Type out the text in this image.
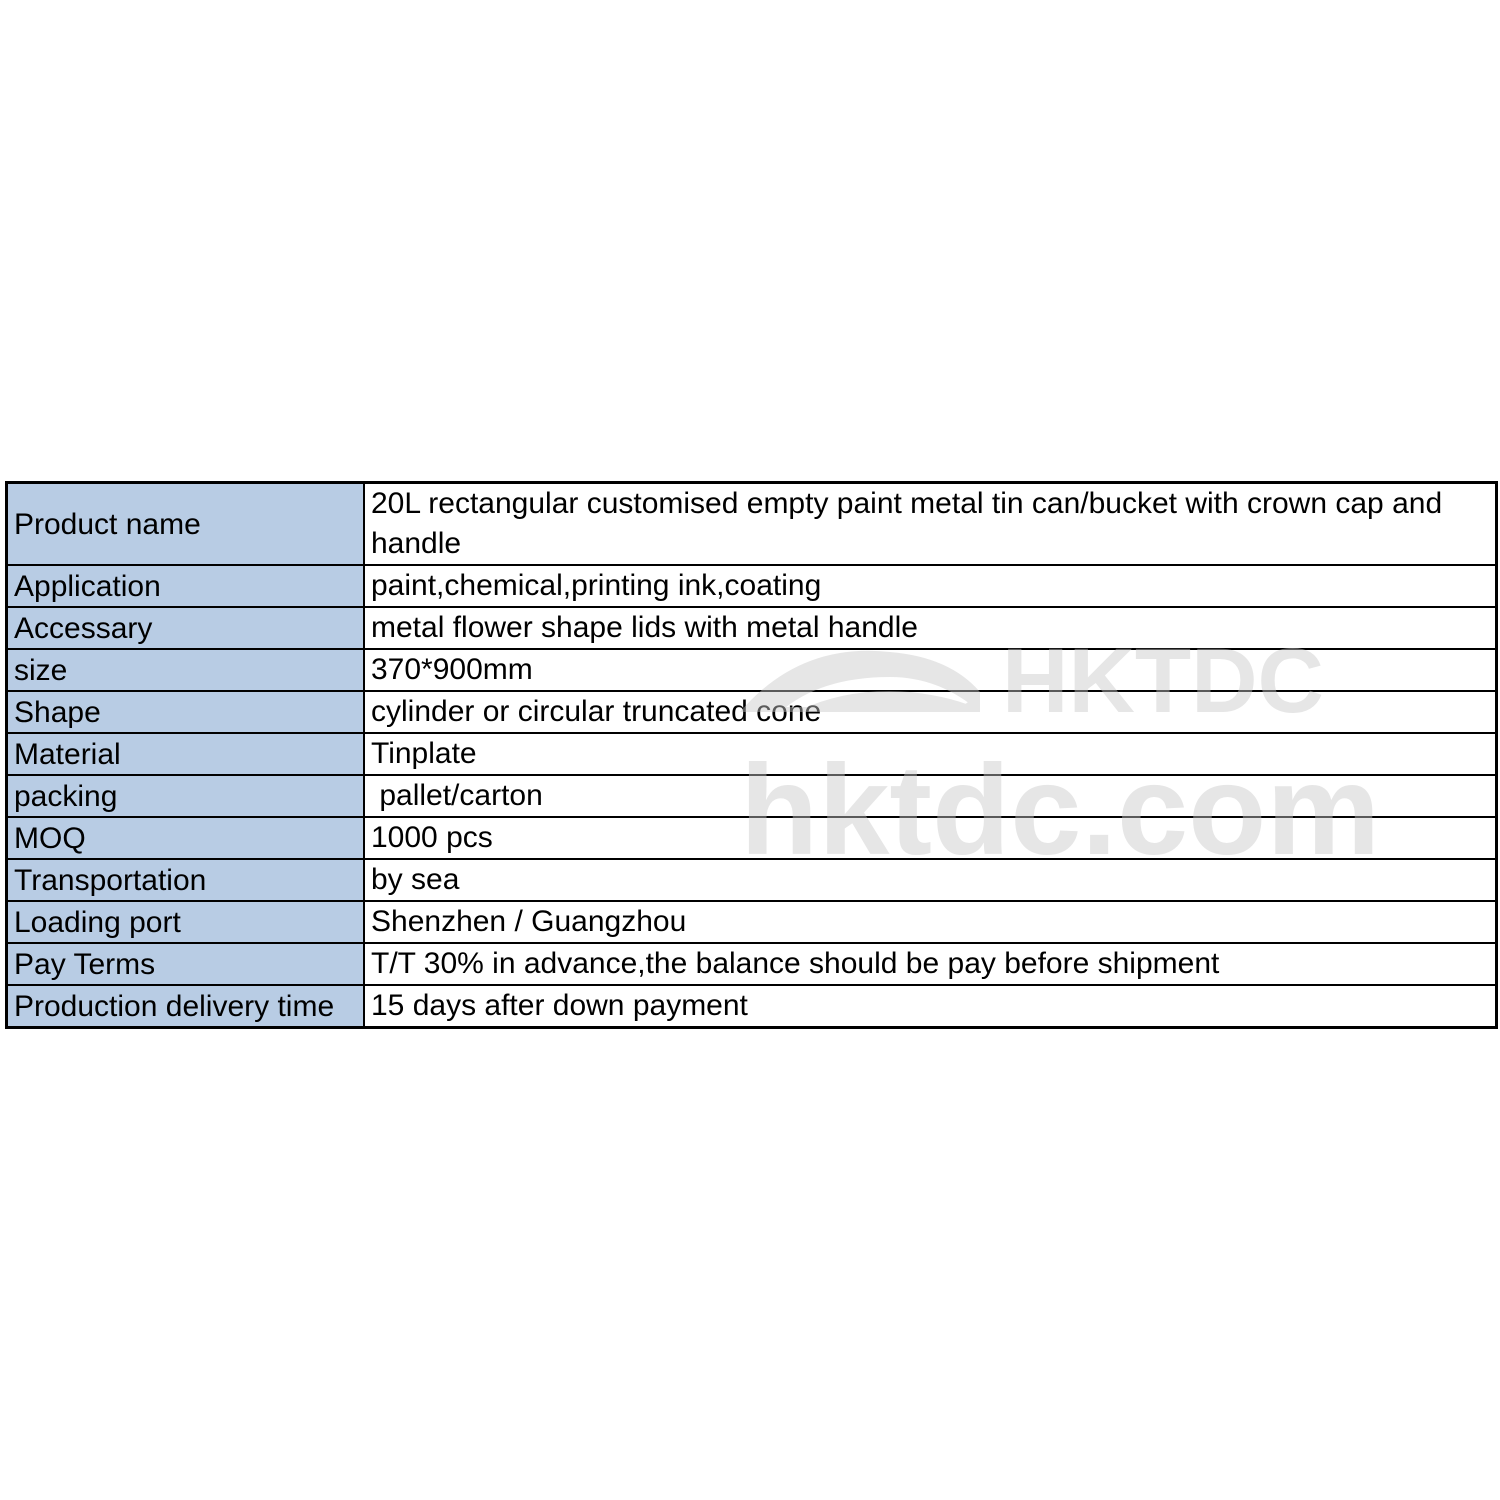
Product name	20L rectangular customised empty paint metal tin can/bucket with crown cap and handle
Application	paint,chemical,printing ink,coating
Accessary	metal flower shape lids with metal handle
size	370*900mm
Shape	cylinder or circular truncated cone
Material	Tinplate
packing	pallet/carton
MOQ	1000 pcs
Transportation	by sea
Loading port	Shenzhen / Guangzhou
Pay Terms	T/T 30% in advance,the balance should be pay before shipment
Production delivery time	15 days after down payment
HKTDC
hktdc.com
